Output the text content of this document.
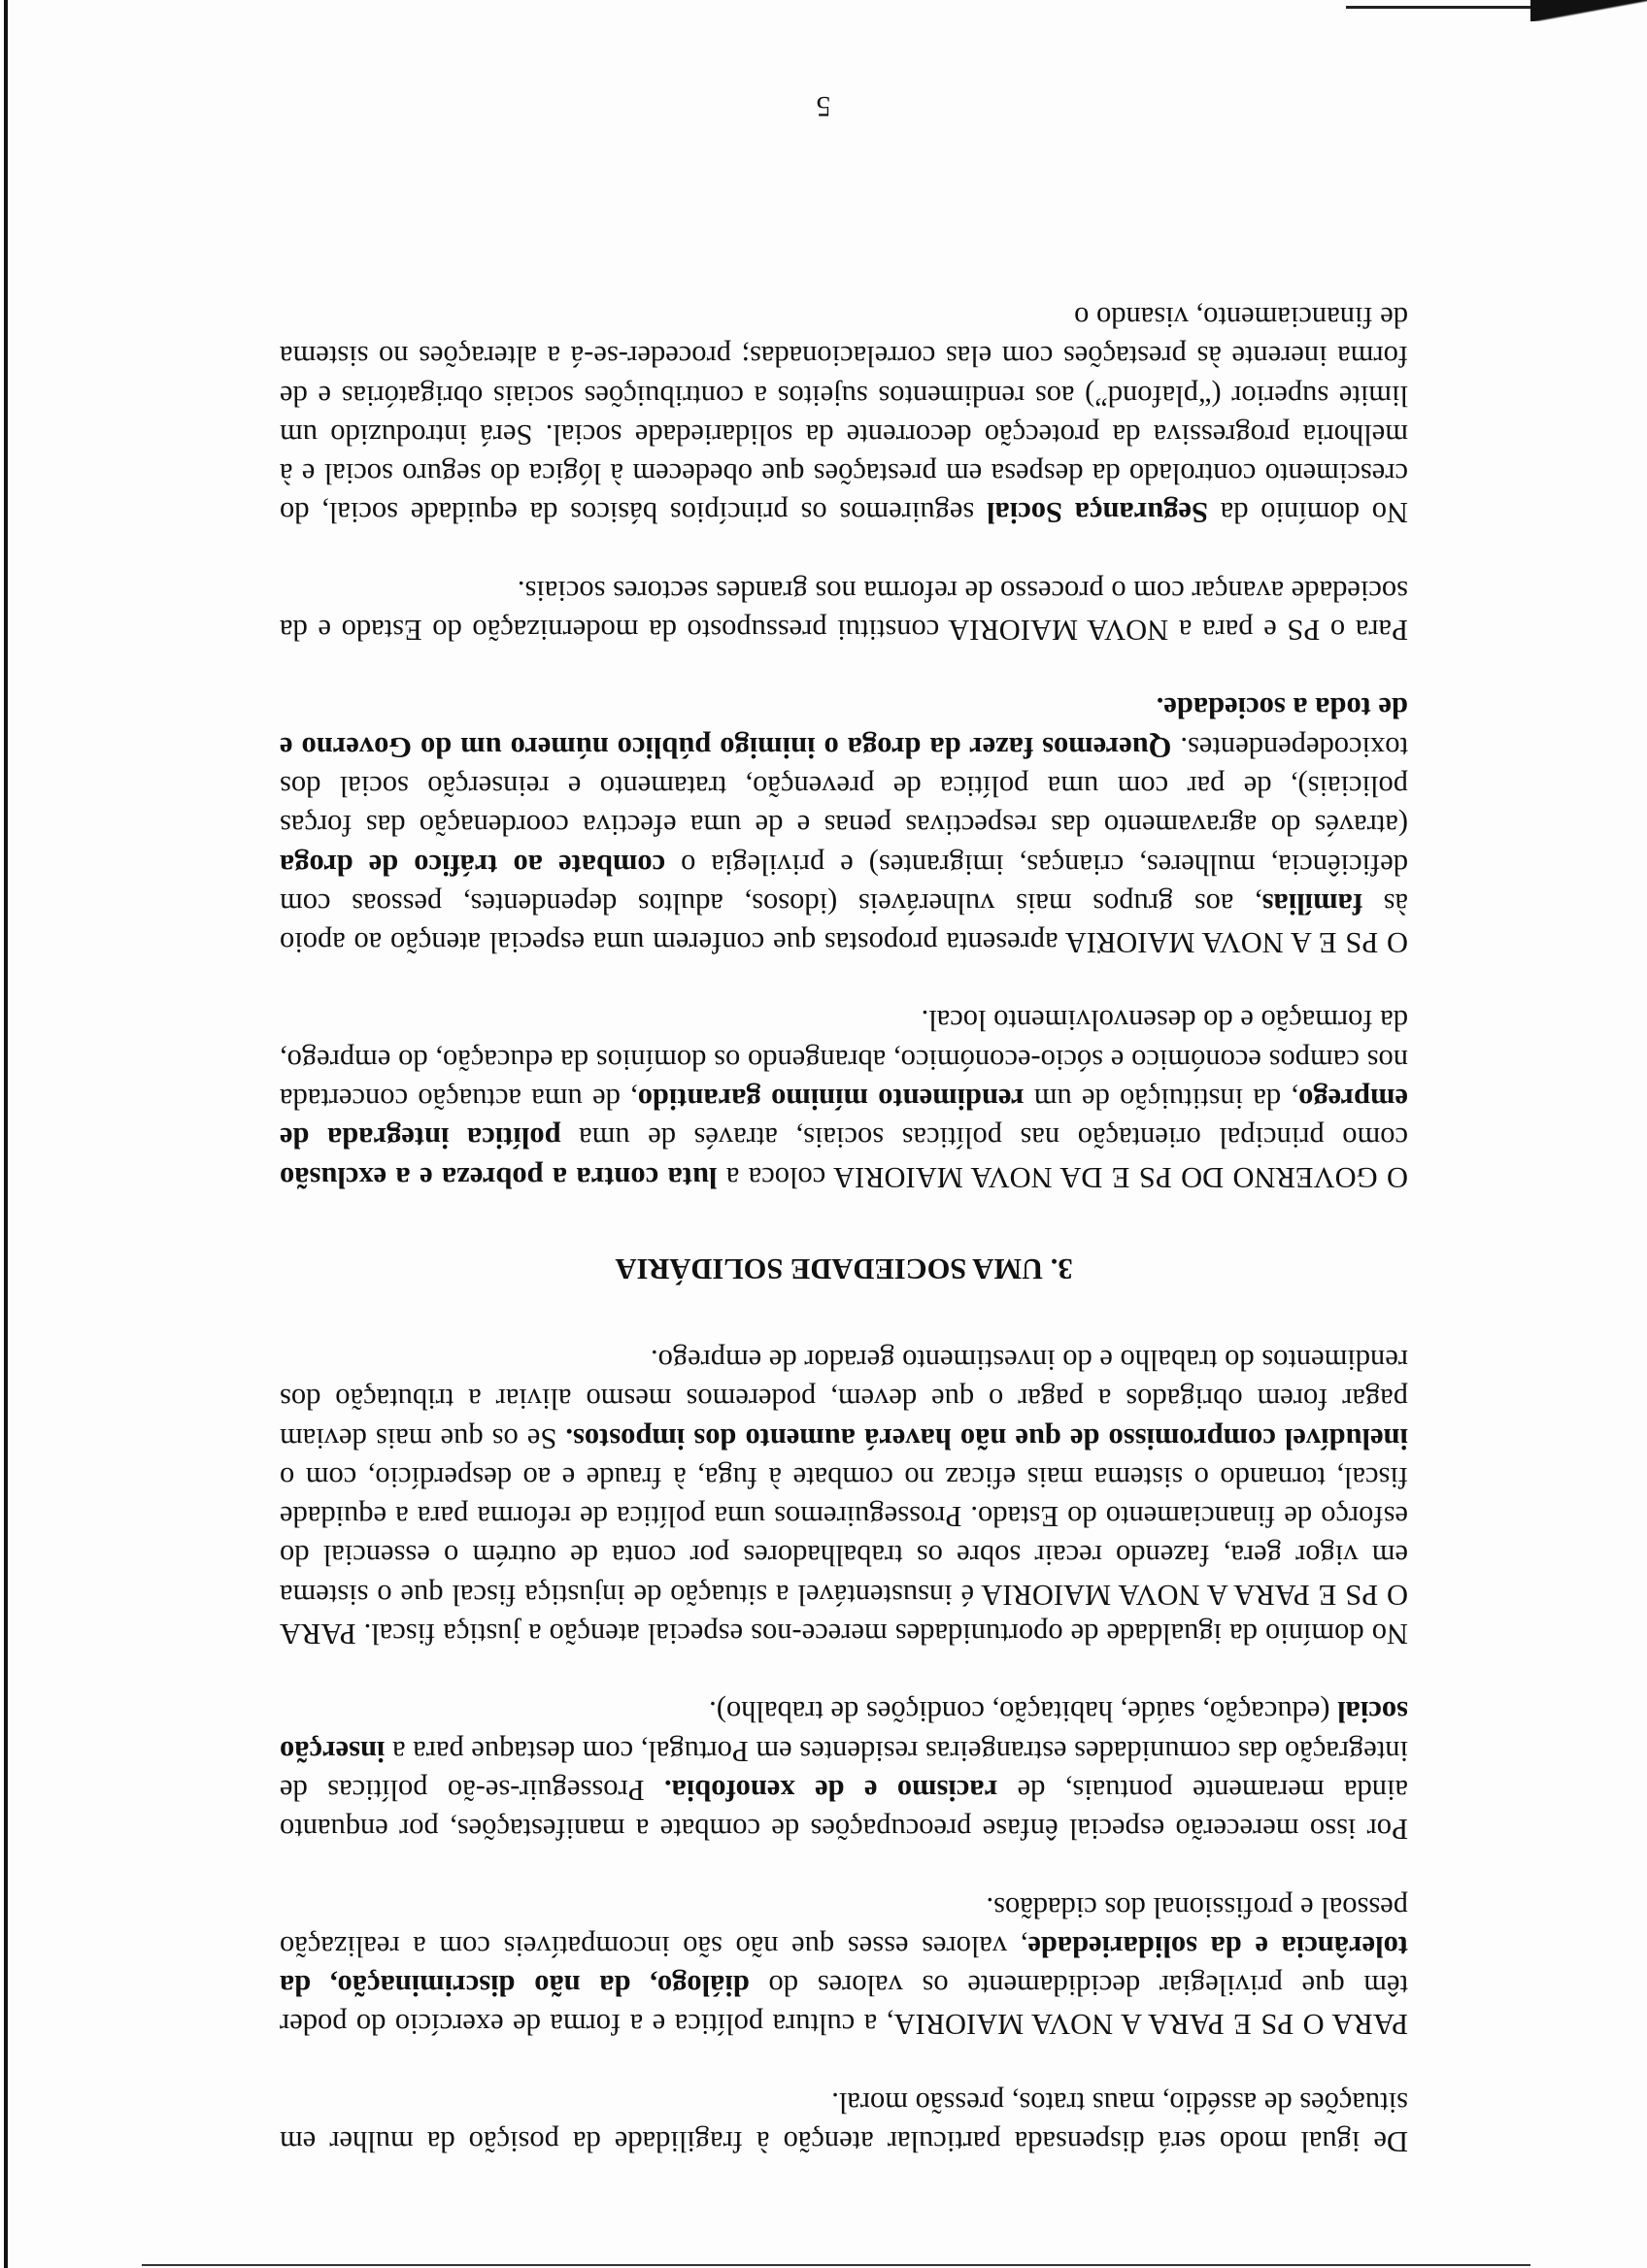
De igual modo será dispensada particular atenção à fragilidade da posição da mulher em situações de assédio, maus tratos, pressão moral.

PARA O PS E PARA A NOVA MAIORIA, a cultura política e a forma de exercício do poder têm que privilegiar decididamente os valores do diálogo, da não discriminação, da tolerância e da solidariedade, valores esses que não são incompatíveis com a realização pessoal e profissional dos cidadãos.

Por isso merecerão especial ênfase preocupações de combate a manifestações, por enquanto ainda meramente pontuais, de racismo e de xenofobia. Prosseguir-se-ão políticas de integração das comunidades estrangeiras residentes em Portugal, com destaque para a inserção social (educação, saúde, habitação, condições de trabalho).

No domínio da igualdade de oportunidades merece-nos especial atenção a justiça fiscal. PARA O PS E PARA A NOVA MAIORIA é insustentável a situação de injustiça fiscal que o sistema em vigor gera, fazendo recair sobre os trabalhadores por conta de outrém o essencial do esforço de financiamento do Estado. Prosseguiremos uma política de reforma para a equidade fiscal, tornando o sistema mais eficaz no combate à fuga, à fraude e ao desperdício, com o ineludível compromisso de que não haverá aumento dos impostos. Se os que mais deviam pagar forem obrigados a pagar o que devem, poderemos mesmo aliviar a tributação dos rendimentos do trabalho e do investimento gerador de emprego.

3. UMA SOCIEDADE SOLIDÁRIA

O GOVERNO DO PS E DA NOVA MAIORIA coloca a luta contra a pobreza e a exclusão como principal orientação nas políticas sociais, através de uma política integrada de emprego, da instituição de um rendimento mínimo garantido, de uma actuação concertada nos campos económico e sócio-económico, abrangendo os domínios da educação, do emprego, da formação e do desenvolvimento local.

O PS E A NOVA MAIORIA apresenta propostas que conferem uma especial atenção ao apoio às famílias, aos grupos mais vulneráveis (idosos, adultos dependentes, pessoas com deficiência, mulheres, crianças, imigrantes) e privilegia o combate ao tráfico de droga (através do agravamento das respectivas penas e de uma efectiva coordenação das forças policiais), de par com uma política de prevenção, tratamento e reinserção social dos toxicodependentes. Queremos fazer da droga o inimigo público número um do Governo e de toda a sociedade.

Para o PS e para a NOVA MAIORIA constitui pressuposto da modernização do Estado e da sociedade avançar com o processo de reforma nos grandes sectores sociais.

No domínio da Segurança Social seguiremos os princípios básicos da equidade social, do crescimento controlado da despesa em prestações que obedecem à lógica do seguro social e à melhoria progressiva da protecção decorrente da solidariedade social. Será introduzido um limite superior (“plafond”) aos rendimentos sujeitos a contribuições sociais obrigatórias e de forma inerente às prestações com elas correlacionadas; proceder-se-á a alterações no sistema de financiamento, visando o

5
